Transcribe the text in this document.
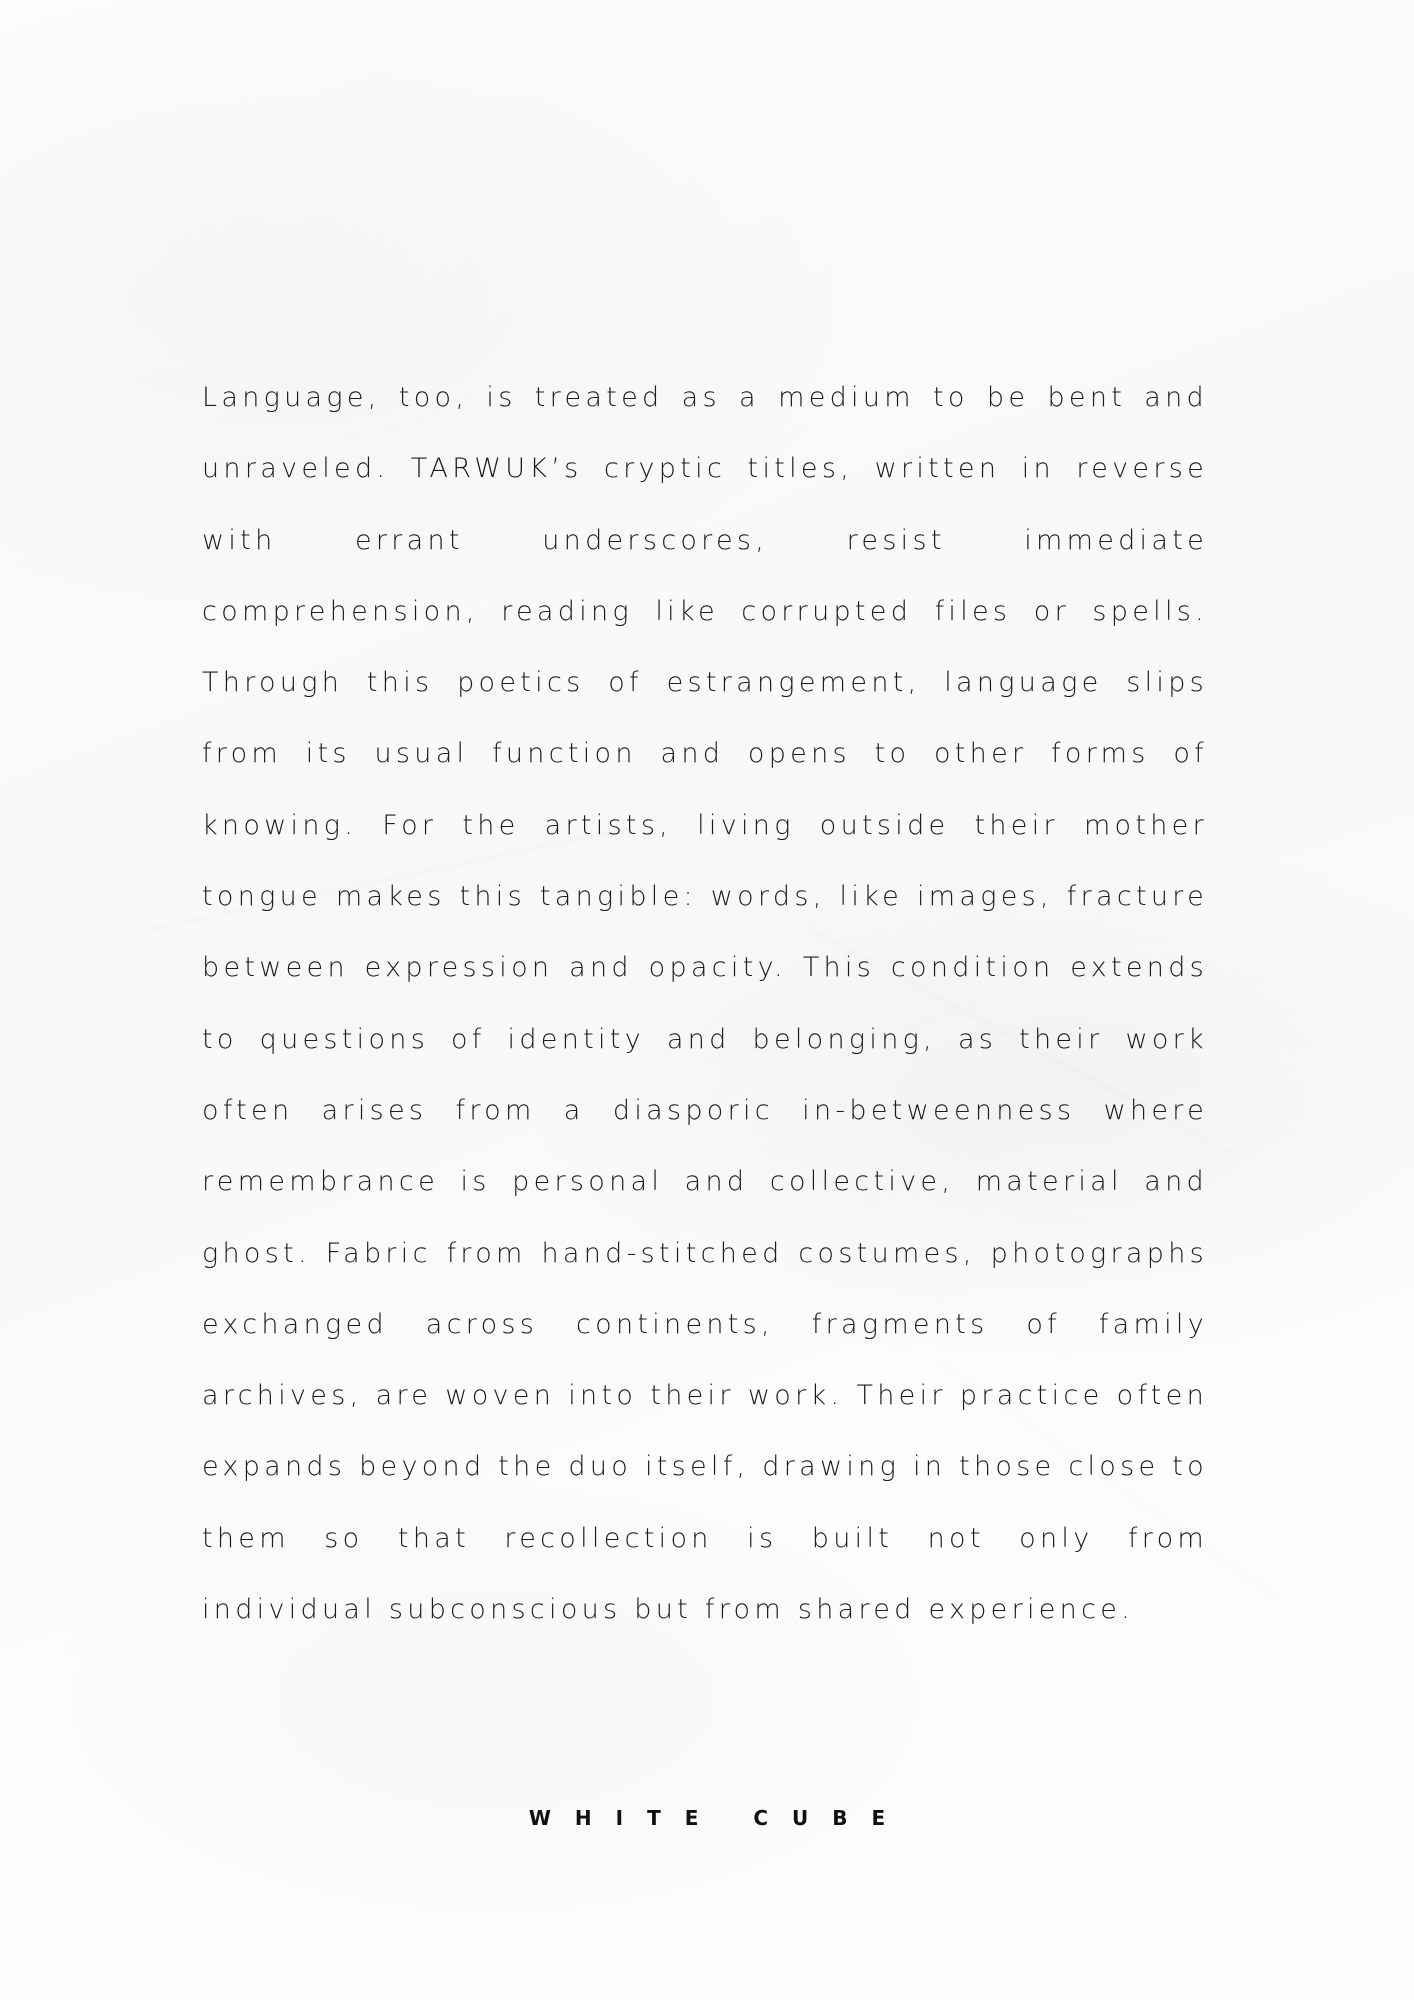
Language, too, is treated as a medium to be bent and unraveled. TARWUK’s cryptic titles, written in reverse with errant underscores, resist immediate comprehension, reading like corrupted files or spells. Through this poetics of estrangement, language slips from its usual function and opens to other forms of knowing. For the artists, living outside their mother tongue makes this tangible: words, like images, fracture between expression and opacity. This condition extends to questions of identity and belonging, as their work often arises from a diasporic in-betweenness where remembrance is personal and collective, material and ghost. Fabric from hand-stitched costumes, photographs exchanged across continents, fragments of family archives, are woven into their work. Their practice often expands beyond the duo itself, drawing in those close to them so that recollection is built not only from individual subconscious but from shared experience.

WHITE CUBE
